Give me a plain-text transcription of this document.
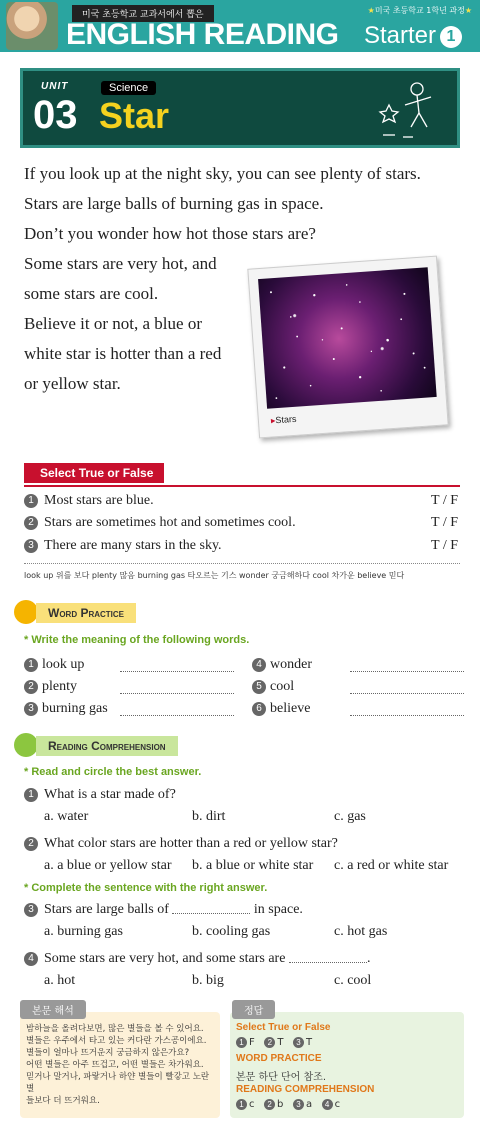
미국 초등학교 교과서에서 뽑은	★미국 초등학교 1학년 과정★
ENGLISH READING Starter 1
UNIT
03
Science
Star
If you look up at the night sky, you can see plenty of stars.
Stars are large balls of burning gas in space.
Don’t you wonder how hot those stars are?
Some stars are very hot, and
some stars are cool.
Believe it or not, a blue or
white star is hotter than a red
or yellow star.
▸Stars
Select True or False
1 Most stars are blue.	T / F
2 Stars are sometimes hot and sometimes cool.	T / F
3 There are many stars in the sky.	T / F
look up 위를 보다 plenty 많음 burning gas 타오르는 기스 wonder 궁금해하다 cool 차가운 believe 믿다
Word Practice
* Write the meaning of the following words.
1 look up
2 plenty
3 burning gas
4 wonder
5 cool
6 believe
Reading Comprehension
* Read and circle the best answer.
1 What is a star made of?
a. water	b. dirt	c. gas
2 What color stars are hotter than a red or yellow star?
a. a blue or yellow star b. a blue or white star c. a red or white star
* Complete the sentence with the right answer.
3 Stars are large balls of	in space.
a. burning gas	b. cooling gas	c. hot gas
4 Some stars are very hot, and some stars are	.
a. hot	b. big	c. cool
본문 해석
밤하늘을 올려다보면, 많은 별들을 볼 수 있어요.
별들은 우주에서 타고 있는 커다란 가스공이에요.
별들이 얼마나 뜨거운지 궁금하지 않은가요?
어떤 별들은 아주 뜨겁고, 어떤 별들은 차가워요.
믿거나 말거나, 파랗거나 하얀 별들이 빨갛고 노란 별
들보다 더 뜨거워요.
정답
Select True or False
1 F 2 T 3 T
WORD PRACTICE
본문 하단 단어 참조.
READING COMPREHENSION
1 c 2 b 3 a 4 c
